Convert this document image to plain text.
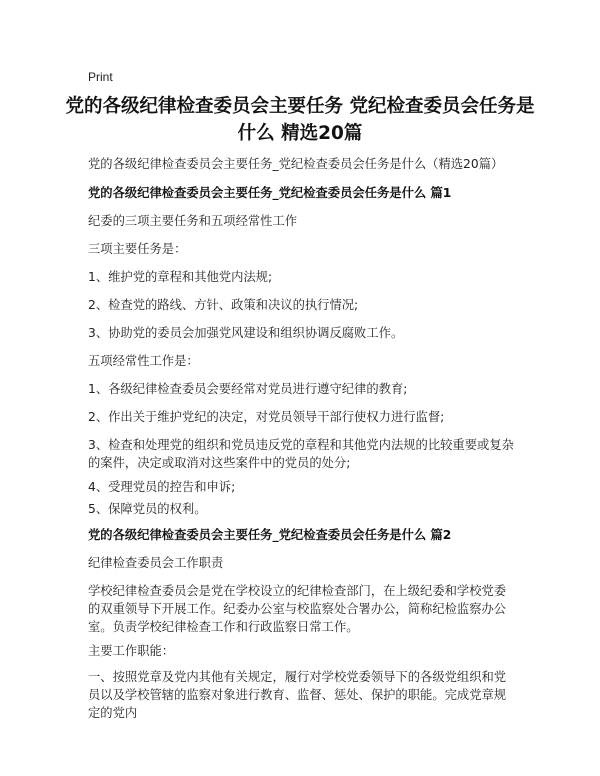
Print
党的各级纪律检查委员会主要任务 党纪检查委员会任务是什么 精选20篇
党的各级纪律检查委员会主要任务_党纪检查委员会任务是什么（精选20篇）
党的各级纪律检查委员会主要任务_党纪检查委员会任务是什么 篇1
纪委的三项主要任务和五项经常性工作
三项主要任务是：
1、维护党的章程和其他党内法规;
2、检查党的路线、方针、政策和决议的执行情况;
3、协助党的委员会加强党风建设和组织协调反腐败工作。
五项经常性工作是：
1、各级纪律检查委员会要经常对党员进行遵守纪律的教育;
2、作出关于维护党纪的决定，对党员领导干部行使权力进行监督;
3、检查和处理党的组织和党员违反党的章程和其他党内法规的比较重要或复杂的案件，决定或取消对这些案件中的党员的处分;
4、受理党员的控告和申诉;
5、保障党员的权利。
党的各级纪律检查委员会主要任务_党纪检查委员会任务是什么 篇2
纪律检查委员会工作职责
学校纪律检查委员会是党在学校设立的纪律检查部门，在上级纪委和学校党委的双重领导下开展工作。纪委办公室与校监察处合署办公，简称纪检监察办公室。负责学校纪律检查工作和行政监察日常工作。
主要工作职能：
一、按照党章及党内其他有关规定，履行对学校党委领导下的各级党组织和党员以及学校管辖的监察对象进行教育、监督、惩处、保护的职能。完成党章规定的党内
